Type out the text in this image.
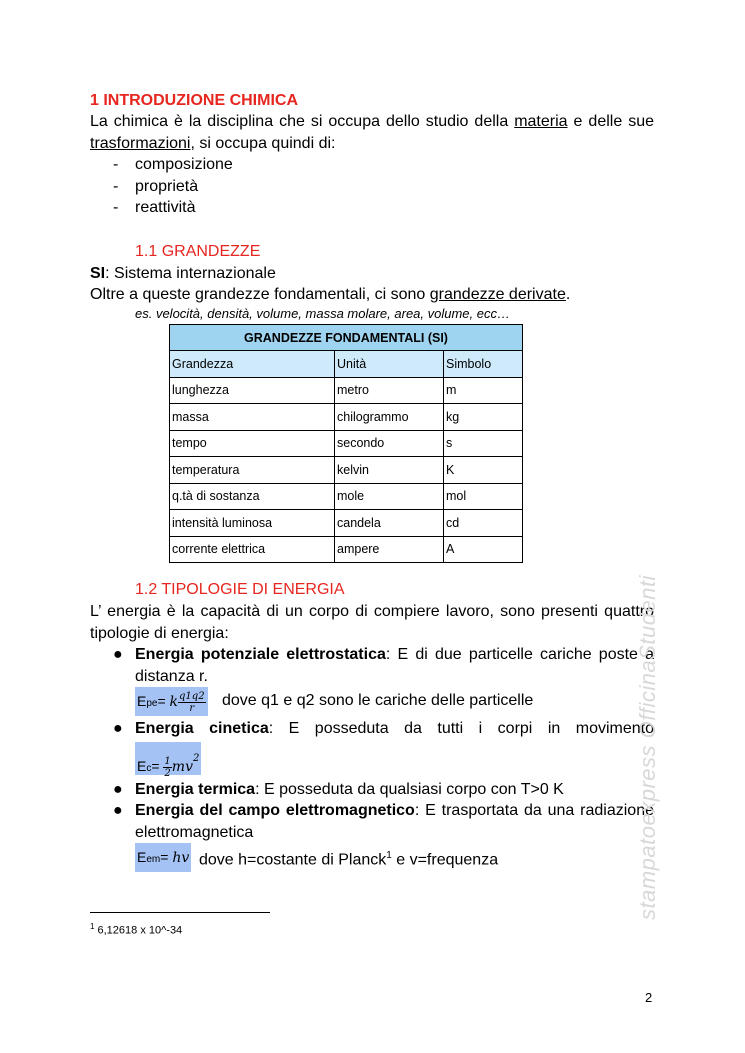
1 INTRODUZIONE CHIMICA
La chimica è la disciplina che si occupa dello studio della materia e delle sue trasformazioni, si occupa quindi di:
- composizione
- proprietà
- reattività
1.1 GRANDEZZE
SI: Sistema internazionale
Oltre a queste grandezze fondamentali, ci sono grandezze derivate.
es. velocità, densità, volume, massa molare, area, volume, ecc…
GRANDEZZE FONDAMENTALI (SI)		
Grandezza	Unità	Simbolo
lunghezza	metro	m
massa	chilogrammo	kg
tempo	secondo	s
temperatura	kelvin	K
q.tà di sostanza	mole	mol
intensità luminosa	candela	cd
corrente elettrica	ampere	A
1.2 TIPOLOGIE DI ENERGIA
L’ energia è la capacità di un corpo di compiere lavoro, sono presenti quattro tipologie di energia:
● Energia potenziale elettrostatica: E di due particelle cariche poste a distanza r.
Epe= k $\frac{q1q2}{r}$ dove q1 e q2 sono le cariche delle particelle
● Energia cinetica: E posseduta da tutti i corpi in movimento
$Ec= \frac{1}{2} mv^2$
● Energia termica: E posseduta da qualsiasi corpo con T>0 K
● Energia del campo elettromagnetico: E trasportata da una radiazione elettromagnetica
Eem= hv dove h=costante di Planck$^1$ e v=frequenza
$^1$ 6,12618 x 10^-34
stampatoexpress OfficinaStudenti
2
